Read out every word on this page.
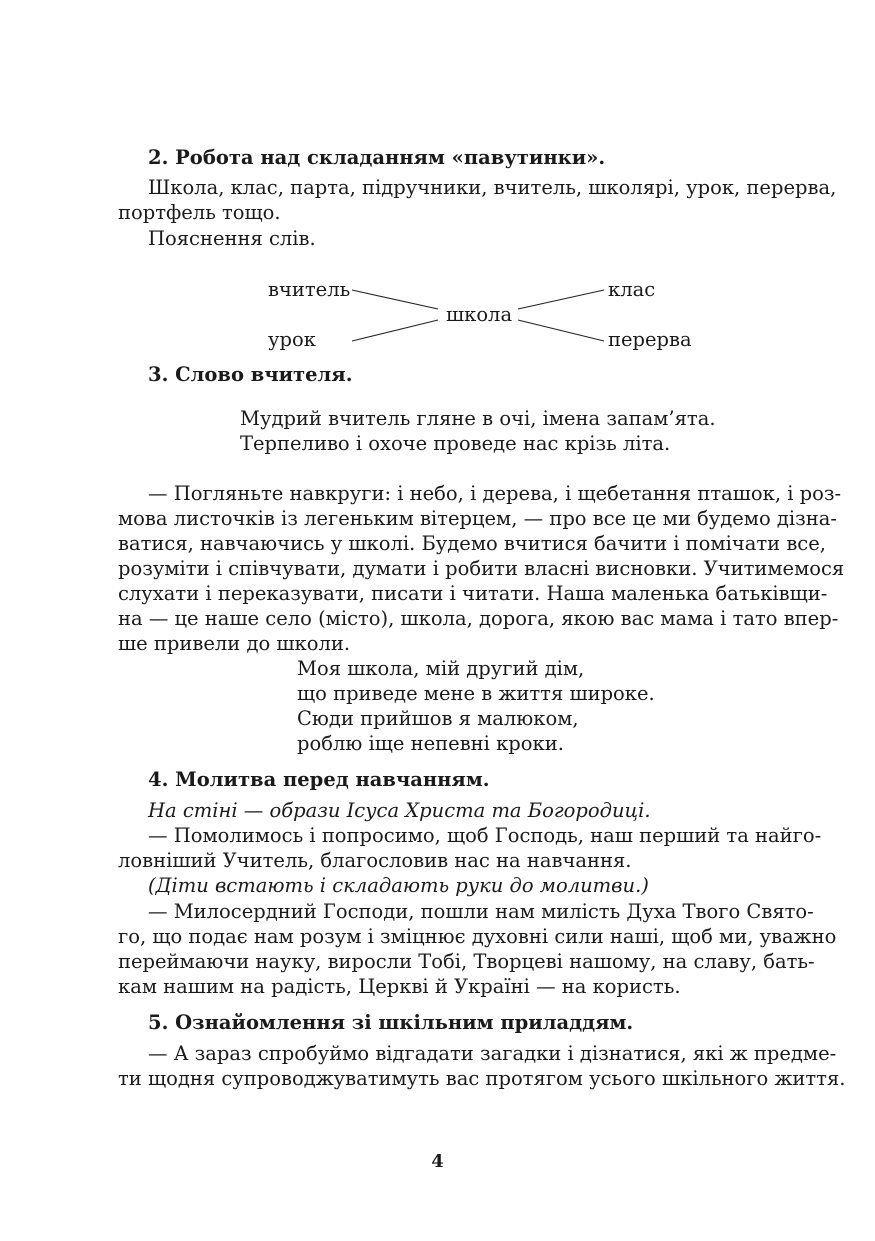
2. Робота над складанням «павутинки».
Школа, клас, парта, підручники, вчитель, школярі, урок, перерва,
портфель тощо.
Пояснення слів.
вчитель
урок
школа
клас
перерва
3. Слово вчителя.
Мудрий вчитель гляне в очі, імена запам’ята.
Терпеливо і охоче проведе нас крізь літа.
— Погляньте навкруги: і небо, і дерева, і щебетання пташок, і роз-
мова листочків із легеньким вітерцем, — про все це ми будемо дізна-
ватися, навчаючись у школі. Будемо вчитися бачити і помічати все,
розуміти і співчувати, думати і робити власні висновки. Учитимемося
слухати і переказувати, писати і читати. Наша маленька батьківщи-
на — це наше село (місто), школа, дорога, якою вас мама і тато впер-
ше привели до школи.
Моя школа, мій другий дім,
що приведе мене в життя широке.
Сюди прийшов я малюком,
роблю іще непевні кроки.
4. Молитва перед навчанням.
На стіні — образи Ісуса Христа та Богородиці.
— Помолимось і попросимо, щоб Господь, наш перший та найго-
ловніший Учитель, благословив нас на навчання.
(Діти встають і складають руки до молитви.)
— Милосердний Господи, пошли нам милість Духа Твого Свято-
го, що подає нам розум і зміцнює духовні сили наші, щоб ми, уважно
переймаючи науку, виросли Тобі, Творцеві нашому, на славу, бать-
кам нашим на радість, Церкві й Україні — на користь.
5. Ознайомлення зі шкільним приладдям.
— А зараз спробуймо відгадати загадки і дізнатися, які ж предме-
ти щодня супроводжуватимуть вас протягом усього шкільного життя.
4
